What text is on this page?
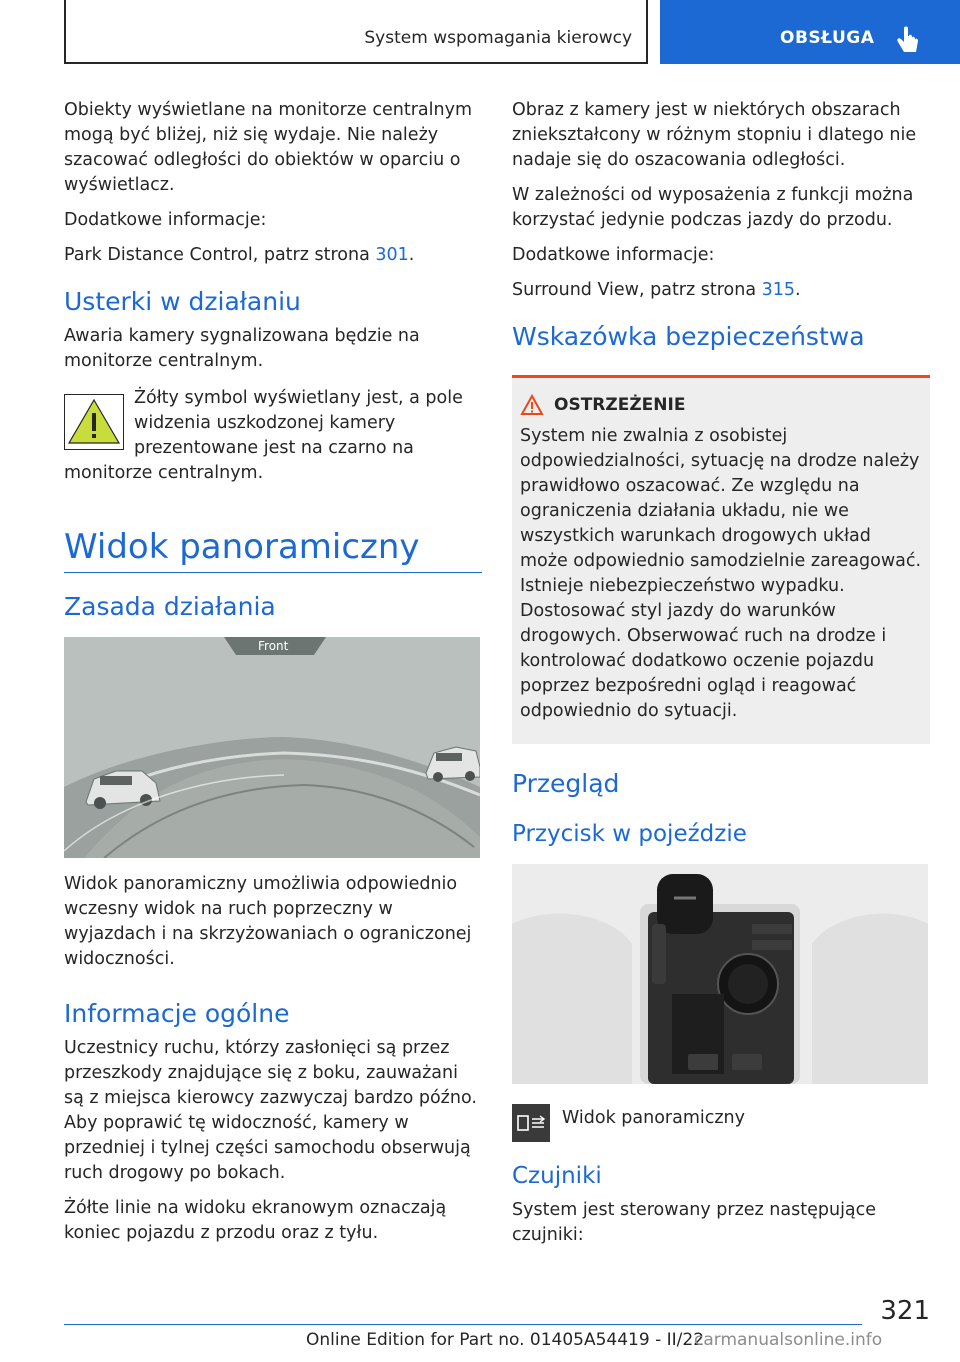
System wspomagania kierowcy	OBSŁUGA

Obiekty wyświetlane na monitorze centralnym mogą być bliżej, niż się wydaje. Nie należy szacować odległości do obiektów w oparciu o wyświetlacz.

Dodatkowe informacje:

Park Distance Control, patrz strona 301.

Usterki w działaniu

Awaria kamery sygnalizowana będzie na monitorze centralnym.

Żółty symbol wyświetlany jest, a pole widzenia uszkodzonej kamery prezentowane jest na czarno na monitorze centralnym.

Widok panoramiczny
Zasada działania
Front

Widok panoramiczny umożliwia odpowiednio wczesny widok na ruch poprzeczny w wyjazdach i na skrzyżowaniach o ograniczonej widoczności.

Informacje ogólne

Uczestnicy ruchu, którzy zasłonięci są przez przeszkody znajdujące się z boku, zauważani są z miejsca kierowcy zazwyczaj bardzo późno. Aby poprawić tę widoczność, kamery w przedniej i tylnej części samochodu obserwują ruch drogowy po bokach.

Żółte linie na widoku ekranowym oznaczają koniec pojazdu z przodu oraz z tyłu.

Obraz z kamery jest w niektórych obszarach zniekształcony w różnym stopniu i dlatego nie nadaje się do oszacowania odległości.

W zależności od wyposażenia z funkcji można korzystać jedynie podczas jazdy do przodu.

Dodatkowe informacje:

Surround View, patrz strona 315.

Wskazówka bezpieczeństwa
OSTRZEŻENIE

System nie zwalnia z osobistej odpowiedzialności, sytuację na drodze należy prawidłowo oszacować. Ze względu na ograniczenia działania układu, nie we wszystkich warunkach drogowych układ może odpowiednio samodzielnie zareagować. Istnieje niebezpieczeństwo wypadku. Dostosować styl jazdy do warunków drogowych. Obserwować ruch na drodze i kontrolować dodatkowo oczenie pojazdu poprzez bezpośredni ogląd i reagować odpowiednio do sytuacji.

Przegląd
Przycisk w pojeździe

Widok panoramiczny

Czujniki

System jest sterowany przez następujące czujniki:

321
Online Edition for Part no. 01405A54419 - II/22
carmanualsonline.info
